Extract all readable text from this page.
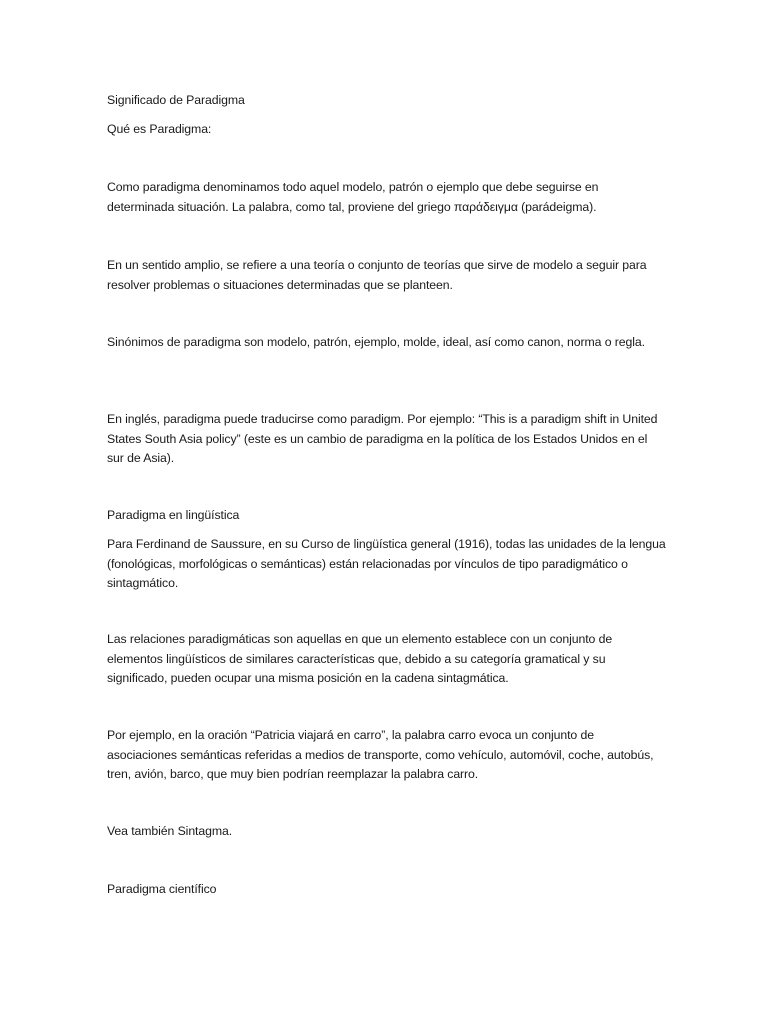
Significado de Paradigma

Qué es Paradigma:

Como paradigma denominamos todo aquel modelo, patrón o ejemplo que debe seguirse en determinada situación. La palabra, como tal, proviene del griego παράδειγμα (parádeigma).

En un sentido amplio, se refiere a una teoría o conjunto de teorías que sirve de modelo a seguir para resolver problemas o situaciones determinadas que se planteen.

Sinónimos de paradigma son modelo, patrón, ejemplo, molde, ideal, así como canon, norma o regla.

En inglés, paradigma puede traducirse como paradigm. Por ejemplo: “This is a paradigm shift in United States South Asia policy” (este es un cambio de paradigma en la política de los Estados Unidos en el sur de Asia).

Paradigma en lingüística

Para Ferdinand de Saussure, en su Curso de lingüística general (1916), todas las unidades de la lengua (fonológicas, morfológicas o semánticas) están relacionadas por vínculos de tipo paradigmático o sintagmático.

Las relaciones paradigmáticas son aquellas en que un elemento establece con un conjunto de elementos lingüísticos de similares características que, debido a su categoría gramatical y su significado, pueden ocupar una misma posición en la cadena sintagmática.

Por ejemplo, en la oración “Patricia viajará en carro”, la palabra carro evoca un conjunto de asociaciones semánticas referidas a medios de transporte, como vehículo, automóvil, coche, autobús, tren, avión, barco, que muy bien podrían reemplazar la palabra carro.

Vea también Sintagma.

Paradigma científico
